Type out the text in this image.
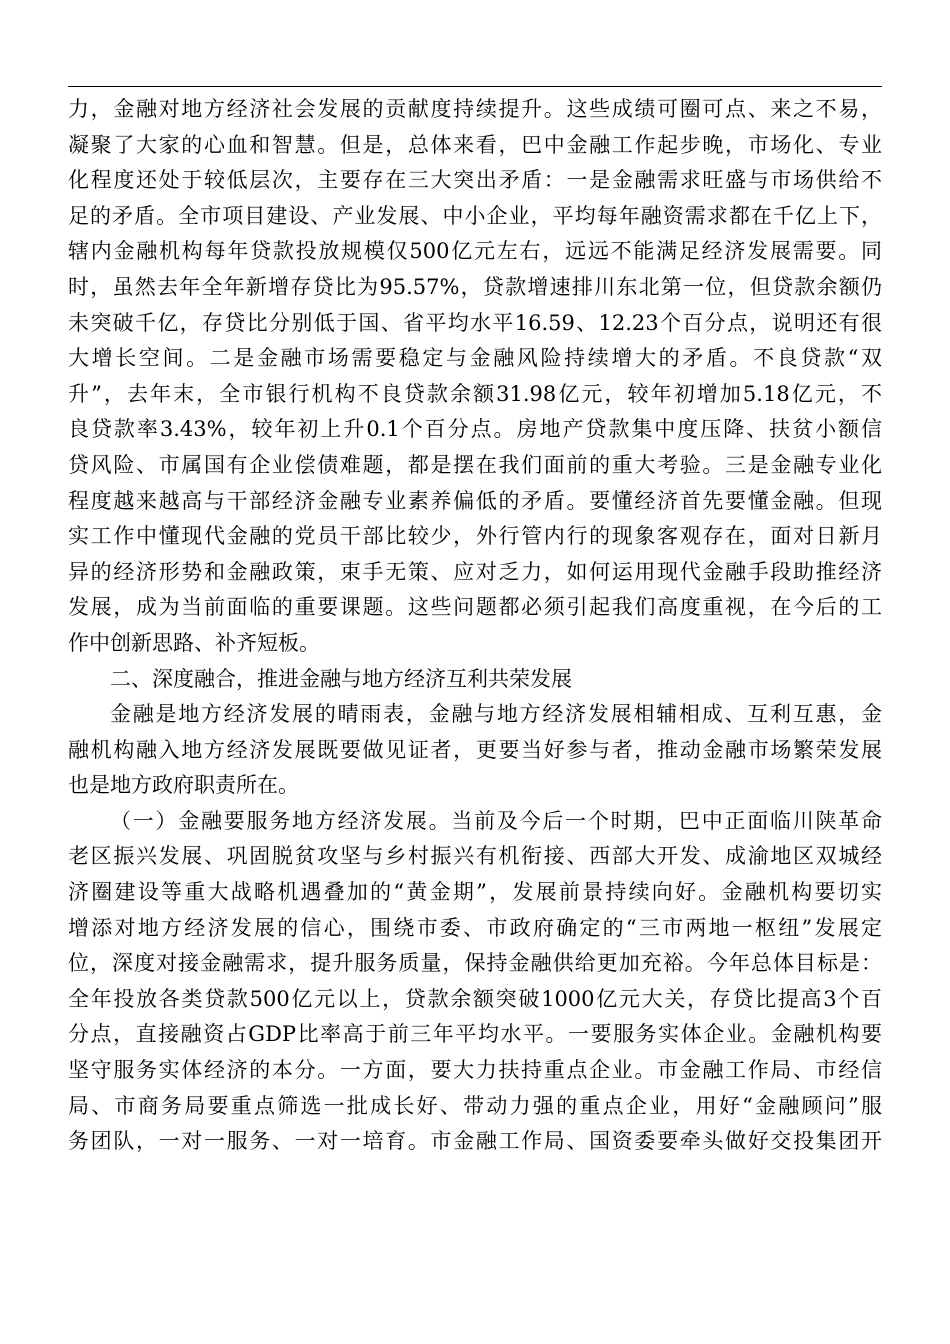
力，金融对地方经济社会发展的贡献度持续提升。这些成绩可圈可点、来之不易，
凝聚了大家的心血和智慧。但是，总体来看，巴中金融工作起步晚，市场化、专业
化程度还处于较低层次，主要存在三大突出矛盾：一是金融需求旺盛与市场供给不
足的矛盾。全市项目建设、产业发展、中小企业，平均每年融资需求都在千亿上下，
辖内金融机构每年贷款投放规模仅500亿元左右，远远不能满足经济发展需要。同
时，虽然去年全年新增存贷比为95.57%，贷款增速排川东北第一位，但贷款余额仍
未突破千亿，存贷比分别低于国、省平均水平16.59、12.23个百分点，说明还有很
大增长空间。二是金融市场需要稳定与金融风险持续增大的矛盾。不良贷款“双
升”，去年末，全市银行机构不良贷款余额31.98亿元，较年初增加5.18亿元，不
良贷款率3.43%，较年初上升0.1个百分点。房地产贷款集中度压降、扶贫小额信
贷风险、市属国有企业偿债难题，都是摆在我们面前的重大考验。三是金融专业化
程度越来越高与干部经济金融专业素养偏低的矛盾。要懂经济首先要懂金融。但现
实工作中懂现代金融的党员干部比较少，外行管内行的现象客观存在，面对日新月
异的经济形势和金融政策，束手无策、应对乏力，如何运用现代金融手段助推经济
发展，成为当前面临的重要课题。这些问题都必须引起我们高度重视，在今后的工
作中创新思路、补齐短板。
二、深度融合，推进金融与地方经济互利共荣发展
金融是地方经济发展的晴雨表，金融与地方经济发展相辅相成、互利互惠，金
融机构融入地方经济发展既要做见证者，更要当好参与者，推动金融市场繁荣发展
也是地方政府职责所在。
（一）金融要服务地方经济发展。当前及今后一个时期，巴中正面临川陕革命
老区振兴发展、巩固脱贫攻坚与乡村振兴有机衔接、西部大开发、成渝地区双城经
济圈建设等重大战略机遇叠加的“黄金期”，发展前景持续向好。金融机构要切实
增添对地方经济发展的信心，围绕市委、市政府确定的“三市两地一枢纽”发展定
位，深度对接金融需求，提升服务质量，保持金融供给更加充裕。今年总体目标是：
全年投放各类贷款500亿元以上，贷款余额突破1000亿元大关，存贷比提高3个百
分点，直接融资占GDP比率高于前三年平均水平。一要服务实体企业。金融机构要
坚守服务实体经济的本分。一方面，要大力扶持重点企业。市金融工作局、市经信
局、市商务局要重点筛选一批成长好、带动力强的重点企业，用好“金融顾问”服
务团队，一对一服务、一对一培育。市金融工作局、国资委要牵头做好交投集团开
